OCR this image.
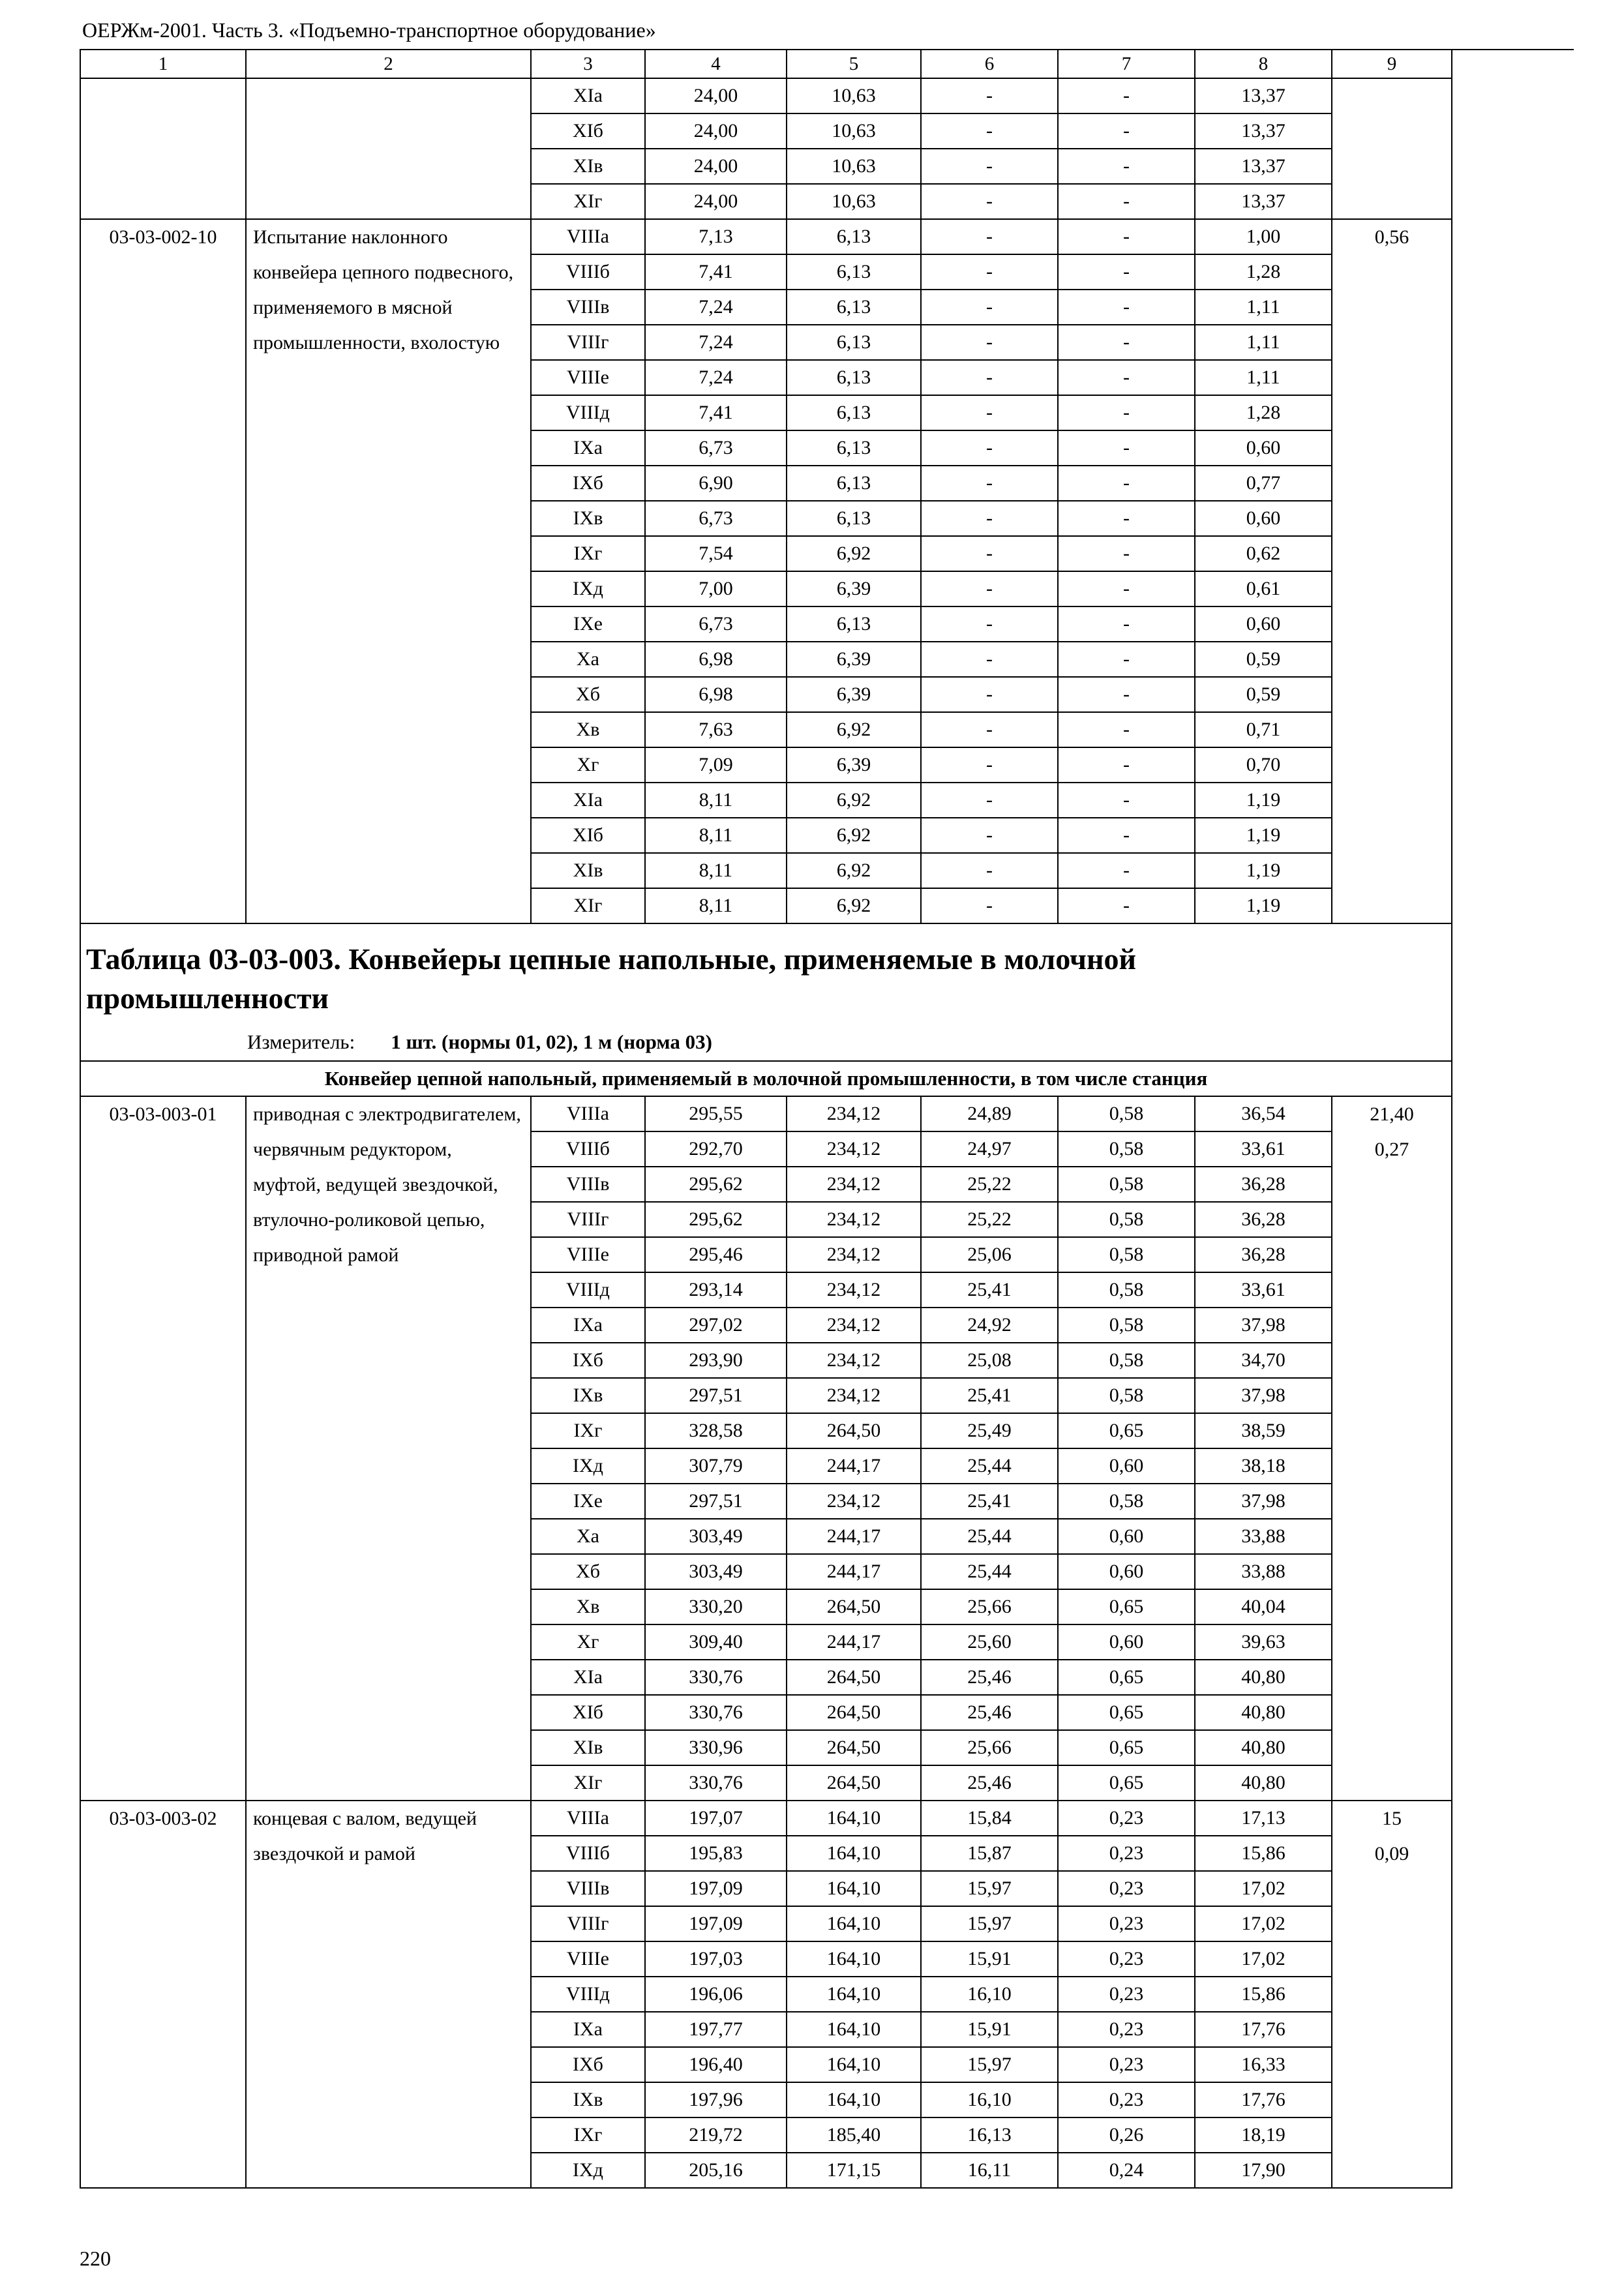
ОЕРЖм-2001. Часть 3. «Подъемно-транспортное оборудование»
1	2	3	4	5	6	7	8	9
		XIа	24,00	10,63	-	-	13,37	
		XIб	24,00	10,63	-	-	13,37	
		XIв	24,00	10,63	-	-	13,37	
		XIг	24,00	10,63	-	-	13,37	
03-03-002-10	Испытание наклонного конвейера цепного подвесного, применяемого в мясной промышленности, вхолостую	VIIIа	7,13	6,13	-	-	1,00	0,56

		VIIIб	7,41	6,13	-	-	1,28	
		VIIIв	7,24	6,13	-	-	1,11	
		VIIIг	7,24	6,13	-	-	1,11	
		VIIIе	7,24	6,13	-	-	1,11	
		VIIIд	7,41	6,13	-	-	1,28	
		IXа	6,73	6,13	-	-	0,60	
		IXб	6,90	6,13	-	-	0,77	
		IXв	6,73	6,13	-	-	0,60	
		IXг	7,54	6,92	-	-	0,62	
		IXд	7,00	6,39	-	-	0,61	
		IXе	6,73	6,13	-	-	0,60	
		Xа	6,98	6,39	-	-	0,59	
		Xб	6,98	6,39	-	-	0,59	
		Xв	7,63	6,92	-	-	0,71	
		Xг	7,09	6,39	-	-	0,70	
		XIа	8,11	6,92	-	-	1,19	
		XIб	8,11	6,92	-	-	1,19	
		XIв	8,11	6,92	-	-	1,19	
		XIг	8,11	6,92	-	-	1,19	

Таблица 03-03-003. Конвейеры цепные напольные, применяемые в молочной промышленности								

Измеритель: 1 шт. (нормы 01, 02), 1 м (норма 03)								
Конвейер цепной напольный, применяемый в молочной промышленности, в том числе станция								
03-03-003-01	приводная с электродвигателем, червячным редуктором, муфтой, ведущей звездочкой, втулочно-роликовой цепью, приводной рамой	VIIIа	295,55	234,12	24,89	0,58	36,54	21,40
0,27

		VIIIб	292,70	234,12	24,97	0,58	33,61	
		VIIIв	295,62	234,12	25,22	0,58	36,28	
		VIIIг	295,62	234,12	25,22	0,58	36,28	
		VIIIе	295,46	234,12	25,06	0,58	36,28	
		VIIIд	293,14	234,12	25,41	0,58	33,61	
		IXа	297,02	234,12	24,92	0,58	37,98	
		IXб	293,90	234,12	25,08	0,58	34,70	
		IXв	297,51	234,12	25,41	0,58	37,98	
		IXг	328,58	264,50	25,49	0,65	38,59	
		IXд	307,79	244,17	25,44	0,60	38,18	
		IXе	297,51	234,12	25,41	0,58	37,98	
		Xа	303,49	244,17	25,44	0,60	33,88	
		Xб	303,49	244,17	25,44	0,60	33,88	
		Xв	330,20	264,50	25,66	0,65	40,04	
		Xг	309,40	244,17	25,60	0,60	39,63	
		XIа	330,76	264,50	25,46	0,65	40,80	
		XIб	330,76	264,50	25,46	0,65	40,80	
		XIв	330,96	264,50	25,66	0,65	40,80	
		XIг	330,76	264,50	25,46	0,65	40,80	
03-03-003-02	концевая с валом, ведущей звездочкой и рамой	VIIIа	197,07	164,10	15,84	0,23	17,13	15
0,09

		VIIIб	195,83	164,10	15,87	0,23	15,86	
		VIIIв	197,09	164,10	15,97	0,23	17,02	
		VIIIг	197,09	164,10	15,97	0,23	17,02	
		VIIIе	197,03	164,10	15,91	0,23	17,02	
		VIIIд	196,06	164,10	16,10	0,23	15,86	
		IXа	197,77	164,10	15,91	0,23	17,76	
		IXб	196,40	164,10	15,97	0,23	16,33	
		IXв	197,96	164,10	16,10	0,23	17,76	
		IXг	219,72	185,40	16,13	0,26	18,19	
		IXд	205,16	171,15	16,11	0,24	17,90	
220
